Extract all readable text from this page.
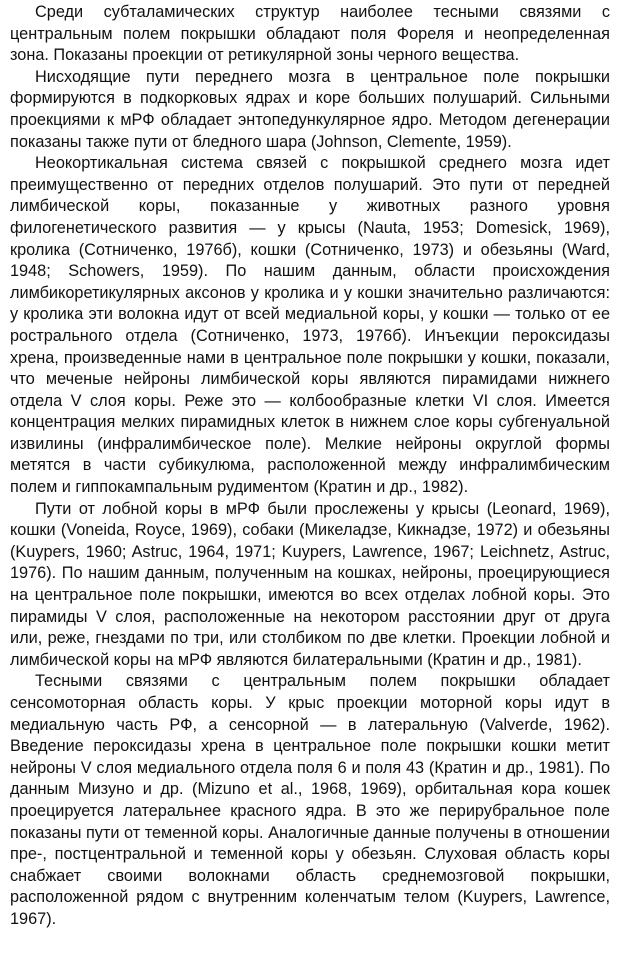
Среди субталамических структур наиболее тесными связями с центральным полем покрышки обладают поля Фореля и неопределенная зона. Показаны проекции от ретикулярной зоны черного вещества.

Нисходящие пути переднего мозга в центральное поле покрышки формируются в подкорковых ядрах и коре больших полушарий. Сильными проекциями к мРФ обладает энтопедункулярное ядро. Методом дегенерации показаны также пути от бледного шара (Johnson, Clemente, 1959).

Неокортикальная система связей с покрышкой среднего мозга идет преимущественно от передних отделов полушарий. Это пути от передней лимбической коры, показанные у животных разного уровня филогенетического развития — у крысы (Nauta, 1953; Domesick, 1969), кролика (Сотниченко, 1976б), кошки (Сотниченко, 1973) и обезьяны (Ward, 1948; Schowers, 1959). По нашим данным, области происхождения лимбикоретикулярных аксонов у кролика и у кошки значительно различаются: у кролика эти волокна идут от всей медиальной коры, у кошки — только от ее рострального отдела (Сотниченко, 1973, 1976б). Инъекции пероксидазы хрена, произведенные нами в центральное поле покрышки у кошки, показали, что меченые нейроны лимбической коры являются пирамидами нижнего отдела V слоя коры. Реже это — колбообразные клетки VI слоя. Имеется концентрация мелких пирамидных клеток в нижнем слое коры субгенуальной извилины (инфралимбическое поле). Мелкие нейроны округлой формы метятся в части субикулюма, расположенной между инфралимбическим полем и гиппокампальным рудиментом (Кратин и др., 1982).

Пути от лобной коры в мРФ были прослежены у крысы (Leonard, 1969), кошки (Voneida, Royce, 1969), собаки (Микеладзе, Кикнадзе, 1972) и обезьяны (Kuypers, 1960; Astruc, 1964, 1971; Kuypers, Lawrence, 1967; Leichnetz, Astruc, 1976). По нашим данным, полученным на кошках, нейроны, проецирующиеся на центральное поле покрышки, имеются во всех отделах лобной коры. Это пирамиды V слоя, расположенные на некотором расстоянии друг от друга или, реже, гнездами по три, или столбиком по две клетки. Проекции лобной и лимбической коры на мРФ являются билатеральными (Кратин и др., 1981).

Тесными связями с центральным полем покрышки обладает сенсомоторная область коры. У крыс проекции моторной коры идут в медиальную часть РФ, а сенсорной — в латеральную (Valverde, 1962). Введение пероксидазы хрена в центральное поле покрышки кошки метит нейроны V слоя медиального отдела поля 6 и поля 43 (Кратин и др., 1981). По данным Мизуно и др. (Mizuno et al., 1968, 1969), орбитальная кора кошек проецируется латеральнее красного ядра. В это же перирубральное поле показаны пути от теменной коры. Аналогичные данные получены в отношении пре-, постцентральной и теменной коры у обезьян. Слуховая область коры снабжает своими волокнами область среднемозговой покрышки, расположенной рядом с внутренним коленчатым телом (Kuypers, Lawrence, 1967).
